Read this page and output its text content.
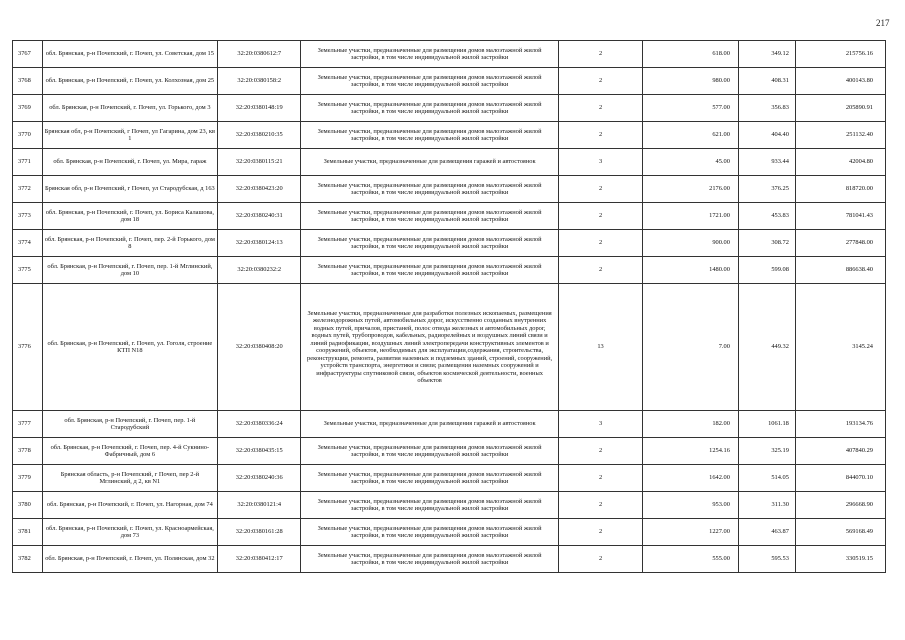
217
3767	обл. Брянская, р-н Почепский, г. Почеп, ул. Советская, дом 15	32:20:0380612:7	Земельные участки, предназначенные для размещения домов малоэтажной жилой застройки, в том числе индивидуальной жилой застройки	2	618.00	349.12	215756.16
3768	обл. Брянская, р-н Почепский, г. Почеп, ул. Колхозная, дом 25	32:20:0380158:2	Земельные участки, предназначенные для размещения домов малоэтажной жилой застройки, в том числе индивидуальной жилой застройки	2	980.00	408.31	400143.80
3769	обл. Брянская, р-н Почепский, г. Почеп, ул. Горького, дом 3	32:20:0380148:19	Земельные участки, предназначенные для размещения домов малоэтажной жилой застройки, в том числе индивидуальной жилой застройки	2	577.00	356.83	205890.91
3770	Брянская обл, р-н Почепский, г Почеп, ул Гагарина, дом 23, кв 1	32:20:0380210:35	Земельные участки, предназначенные для размещения домов малоэтажной жилой застройки, в том числе индивидуальной жилой застройки	2	621.00	404.40	251132.40
3771	обл. Брянская, р-н Почепский, г. Почеп, ул. Мира, гараж	32:20:0380115:21	Земельные участки, предназначенные для размещения гаражей и автостоянок	3	45.00	933.44	42004.80
3772	Брянская обл, р-н Почепский, г Почеп, ул Стародубская, д 163	32:20:0380423:20	Земельные участки, предназначенные для размещения домов малоэтажной жилой застройки, в том числе индивидуальной жилой застройки	2	2176.00	376.25	818720.00
3773	обл. Брянская, р-н Почепский, г. Почеп, ул. Бориса Калашова, дом 18	32:20:0380240:31	Земельные участки, предназначенные для размещения домов малоэтажной жилой застройки, в том числе индивидуальной жилой застройки	2	1721.00	453.83	781041.43
3774	обл. Брянская, р-н Почепский, г. Почеп, пер. 2-й Горького, дом 8	32:20:0380124:13	Земельные участки, предназначенные для размещения домов малоэтажной жилой застройки, в том числе индивидуальной жилой застройки	2	900.00	308.72	277848.00
3775	обл. Брянская, р-н Почепский, г. Почеп, пер. 1-й Мглинский, дом 10	32:20:0380232:2	Земельные участки, предназначенные для размещения домов малоэтажной жилой застройки, в том числе индивидуальной жилой застройки	2	1480.00	599.08	886638.40
3776	обл. Брянская, р-н Почепский, г. Почеп, ул. Гоголя, строение КТП N18	32:20:0380408:20	Земельные участки, предназначенные для разработки полезных ископаемых, размещения железнодорожных путей, автомобильных дорог, искусственно созданных внутренних водных путей, причалов, пристаней, полос отвода железных и автомобильных дорог, водных путей, трубопроводов, кабельных, радиорелейных и воздушных линий связи и линий радиофикации, воздушных линий электропередачи конструктивных элементов и сооружений, объектов, необходимых для эксплуатации,содержания, строительства, реконструкции, ремонта, развития наземных и подземных зданий, строений, сооружений, устройств транспорта, энергетики и связи; размещения наземных сооружений и инфраструктуры спутниковой связи, объектов космической деятельности, военных объектов	13	7.00	449.32	3145.24
3777	обл. Брянская, р-н Почепский, г. Почеп, пер. 1-й Стародубский	32:20:0380336:24	Земельные участки, предназначенные для размещения гаражей и автостоянок	3	182.00	1061.18	193134.76
3778	обл. Брянская, р-н Почепский, г. Почеп, пер. 4-й Сукнино-Фабричный, дом 6	32:20:0380435:15	Земельные участки, предназначенные для размещения домов малоэтажной жилой застройки, в том числе индивидуальной жилой застройки	2	1254.16	325.19	407840.29
3779	Брянская область, р-н Почепский, г Почеп, пер 2-й Мглинский, д 2, кв N1	32:20:0380240:36	Земельные участки, предназначенные для размещения домов малоэтажной жилой застройки, в том числе индивидуальной жилой застройки	2	1642.00	514.05	844070.10
3780	обл. Брянская, р-н Почепский, г. Почеп, ул. Нагорная, дом 74	32:20:0380121:4	Земельные участки, предназначенные для размещения домов малоэтажной жилой застройки, в том числе индивидуальной жилой застройки	2	953.00	311.30	296668.90
3781	обл. Брянская, р-н Почепский, г. Почеп, ул. Красноармейская, дом 73	32:20:0380161:28	Земельные участки, предназначенные для размещения домов малоэтажной жилой застройки, в том числе индивидуальной жилой застройки	2	1227.00	463.87	569168.49
3782	обл. Брянская, р-н Почепский, г. Почеп, ул. Полянская, дом 32	32:20:0380412:17	Земельные участки, предназначенные для размещения домов малоэтажной жилой застройки, в том числе индивидуальной жилой застройки	2	555.00	595.53	330519.15
